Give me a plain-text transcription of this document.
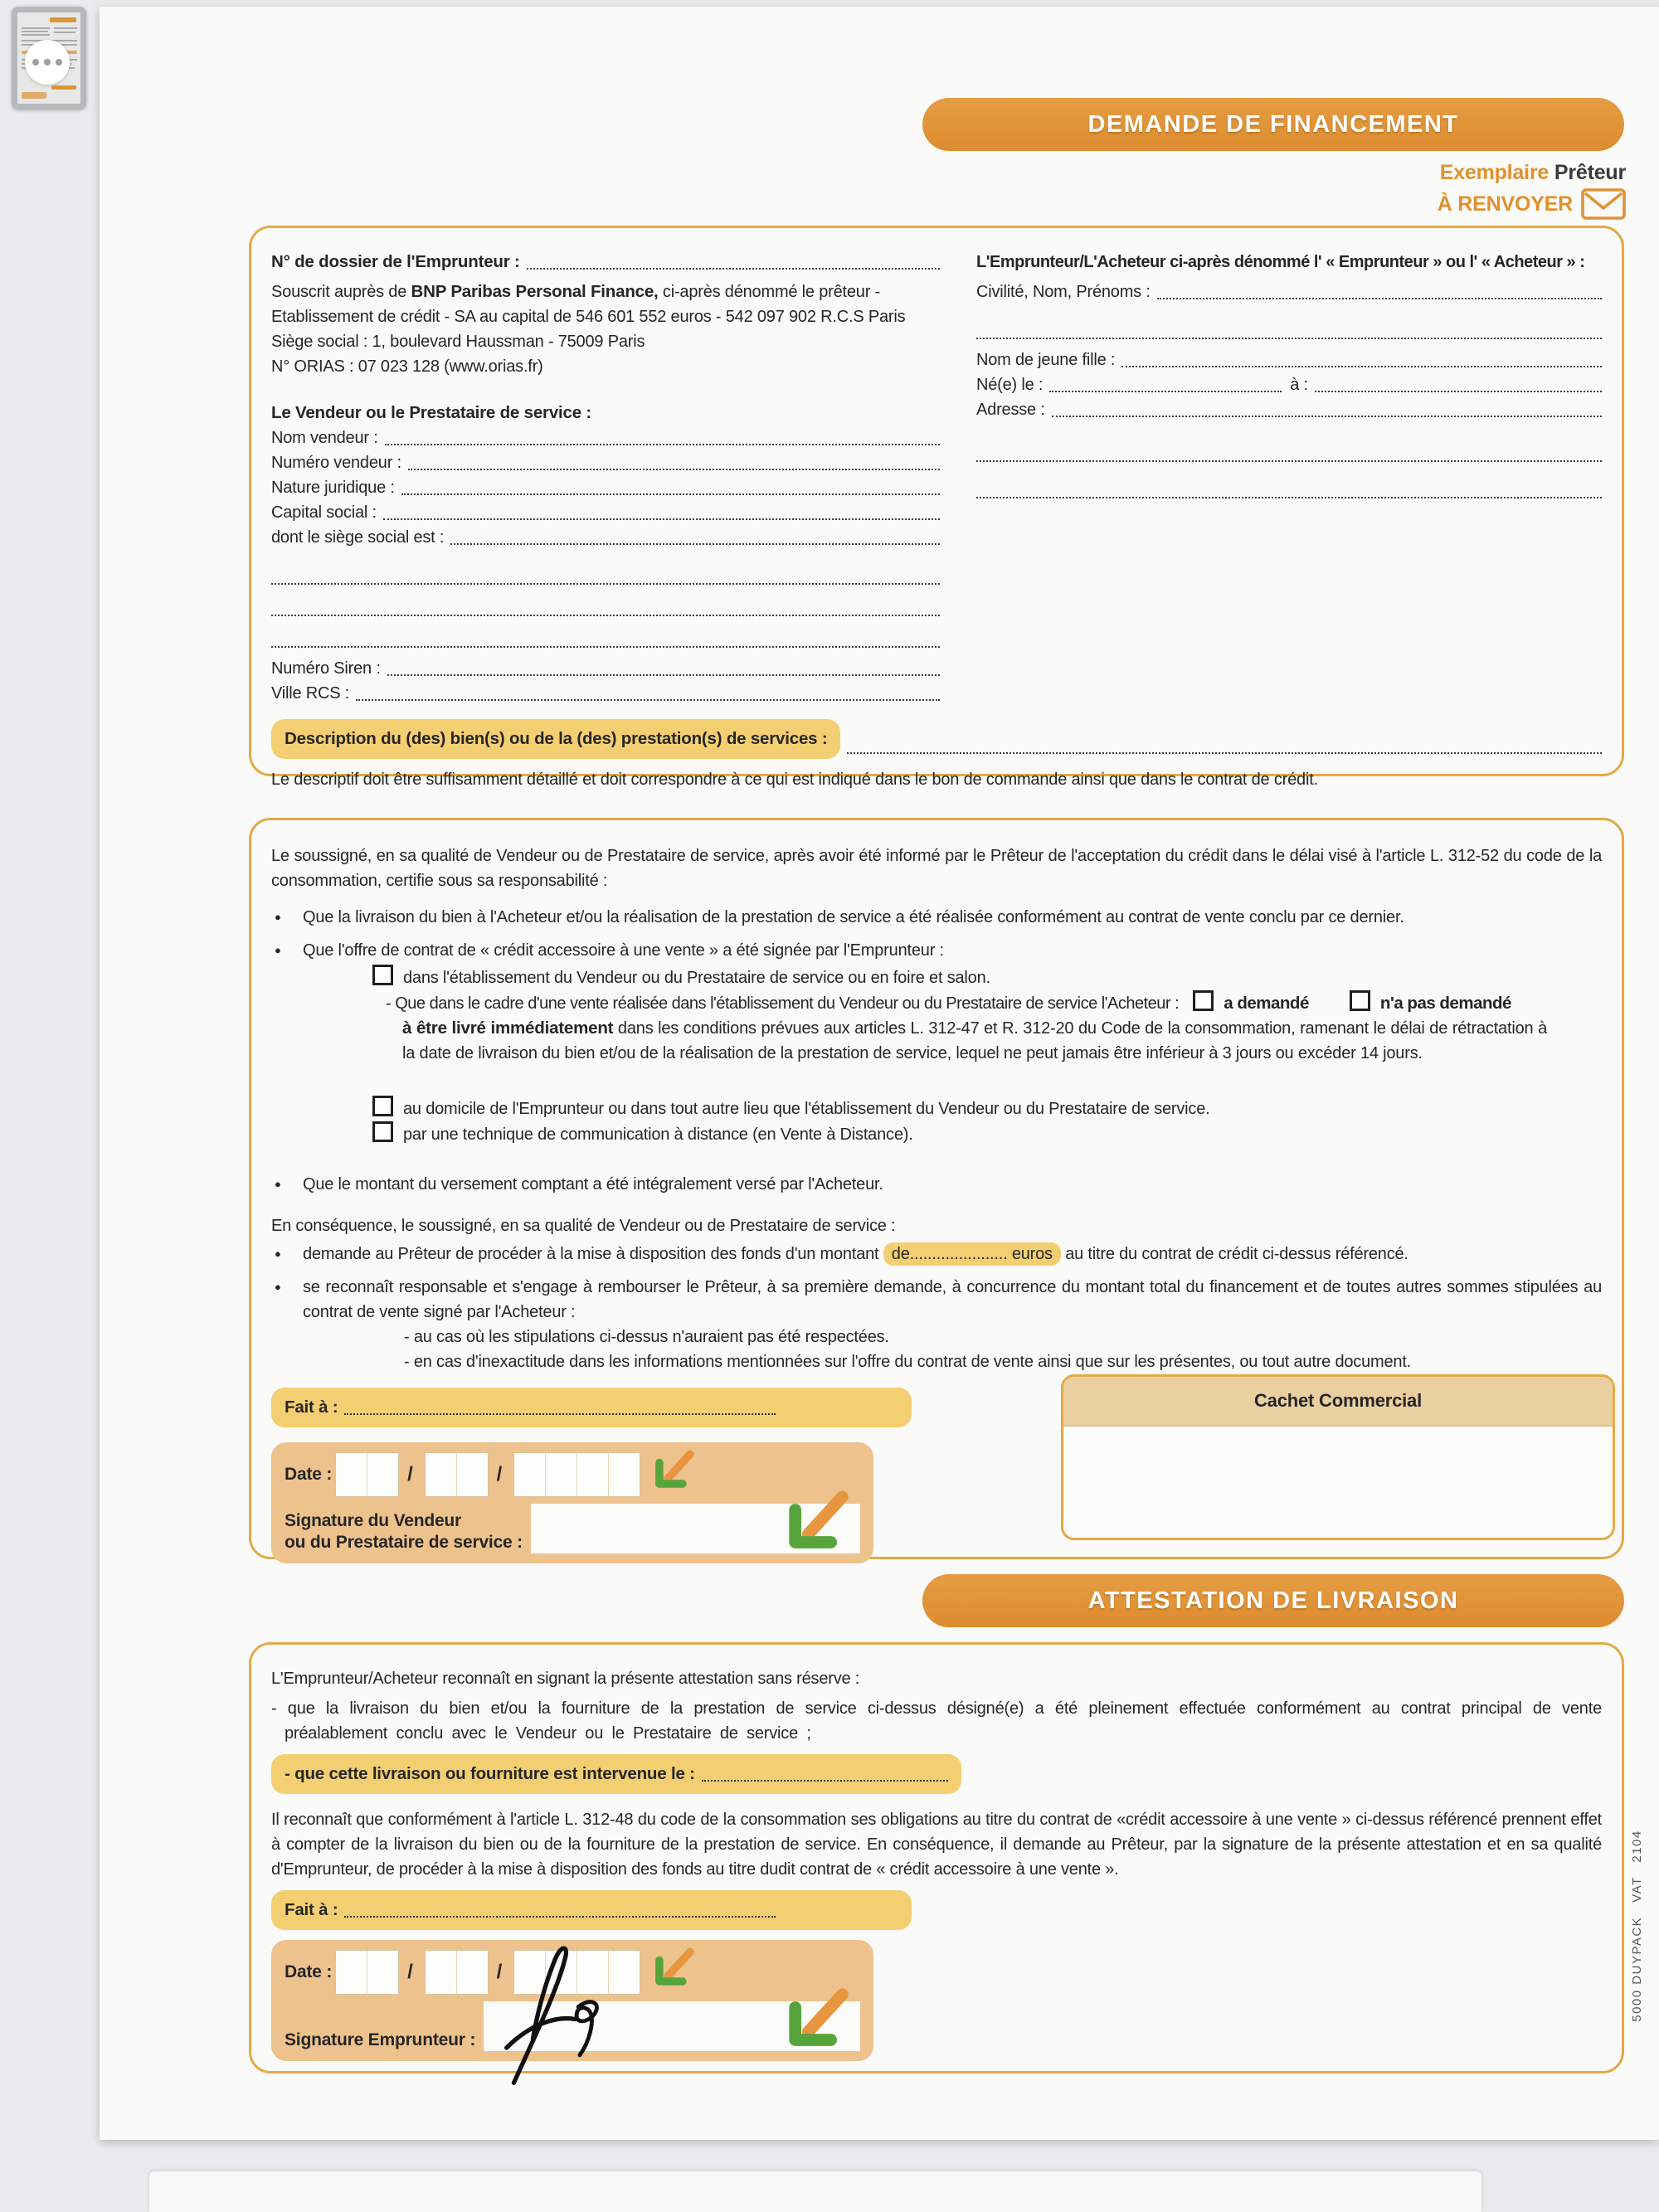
DEMANDE DE FINANCEMENT
Exemplaire Prêteur
À RENVOYER
N° de dossier de l'Emprunteur :
Souscrit auprès de BNP Paribas Personal Finance, ci-après dénommé le prêteur -
Etablissement de crédit - SA au capital de 546 601 552 euros - 542 097 902 R.C.S Paris
Siège social : 1, boulevard Haussman - 75009 Paris
N° ORIAS : 07 023 128 (www.orias.fr)
Le Vendeur ou le Prestataire de service :
Nom vendeur :
Numéro vendeur :
Nature juridique :
Capital social :
dont le siège social est :
Numéro Siren :
Ville RCS :
L'Emprunteur/L'Acheteur ci-après dénommé l' « Emprunteur » ou l' « Acheteur » :
Civilité, Nom, Prénoms :
Nom de jeune fille :
Né(e) le :	à :
Adresse :
Description du (des) bien(s) ou de la (des) prestation(s) de services :
Le descriptif doit être suffisamment détaillé et doit correspondre à ce qui est indiqué dans le bon de commande ainsi que dans le contrat de crédit.
Le soussigné, en sa qualité de Vendeur ou de Prestataire de service, après avoir été informé par le Prêteur de l'acceptation du crédit dans le délai visé à l'article L. 312-52 du code de la consommation, certifie sous sa responsabilité :
●	Que la livraison du bien à l'Acheteur et/ou la réalisation de la prestation de service a été réalisée conformément au contrat de vente conclu par ce dernier.
●	Que l'offre de contrat de « crédit accessoire à une vente » a été signée par l'Emprunteur :
dans l'établissement du Vendeur ou du Prestataire de service ou en foire et salon.
- Que dans le cadre d'une vente réalisée dans l'établissement du Vendeur ou du Prestataire de service l'Acheteur :	a demandé	n'a pas demandé
à être livré immédiatement dans les conditions prévues aux articles L. 312-47 et R. 312-20 du Code de la consommation, ramenant le délai de rétractation à la date de livraison du bien et/ou de la réalisation de la prestation de service, lequel ne peut jamais être inférieur à 3 jours ou excéder 14 jours.
au domicile de l'Emprunteur ou dans tout autre lieu que l'établissement du Vendeur ou du Prestataire de service.
par une technique de communication à distance (en Vente à Distance).
●	Que le montant du versement comptant a été intégralement versé par l'Acheteur.
En conséquence, le soussigné, en sa qualité de Vendeur ou de Prestataire de service :
●	demande au Prêteur de procéder à la mise à disposition des fonds d'un montant de...................... euros au titre du contrat de crédit ci-dessus référencé.
●	se reconnaît responsable et s'engage à rembourser le Prêteur, à sa première demande, à concurrence du montant total du financement et de toutes autres sommes stipulées au contrat de vente signé par l'Acheteur :
- au cas où les stipulations ci-dessus n'auraient pas été respectées.
- en cas d'inexactitude dans les informations mentionnées sur l'offre du contrat de vente ainsi que sur les présentes, ou tout autre document.
Fait à :
Date :	/	/
Signature du Vendeur
ou du Prestataire de service :
Cachet Commercial
ATTESTATION DE LIVRAISON
L'Emprunteur/Acheteur reconnaît en signant la présente attestation sans réserve :
- que la livraison du bien et/ou la fourniture de la prestation de service ci-dessus désigné(e) a été pleinement effectuée conformément au contrat principal de vente préalablement conclu avec le Vendeur ou le Prestataire de service ;
- que cette livraison ou fourniture est intervenue le :
Il reconnaît que conformément à l'article L. 312-48 du code de la consommation ses obligations au titre du contrat de «crédit accessoire à une vente » ci-dessus référencé prennent effet à compter de la livraison du bien ou de la fourniture de la prestation de service. En conséquence, il demande au Prêteur, par la signature de la présente attestation et en sa qualité d'Emprunteur, de procéder à la mise à disposition des fonds au titre dudit contrat de « crédit accessoire à une vente ».
Fait à :
Date :	/	/
Signature Emprunteur :
5000 DUYPACK   VAT   2104
